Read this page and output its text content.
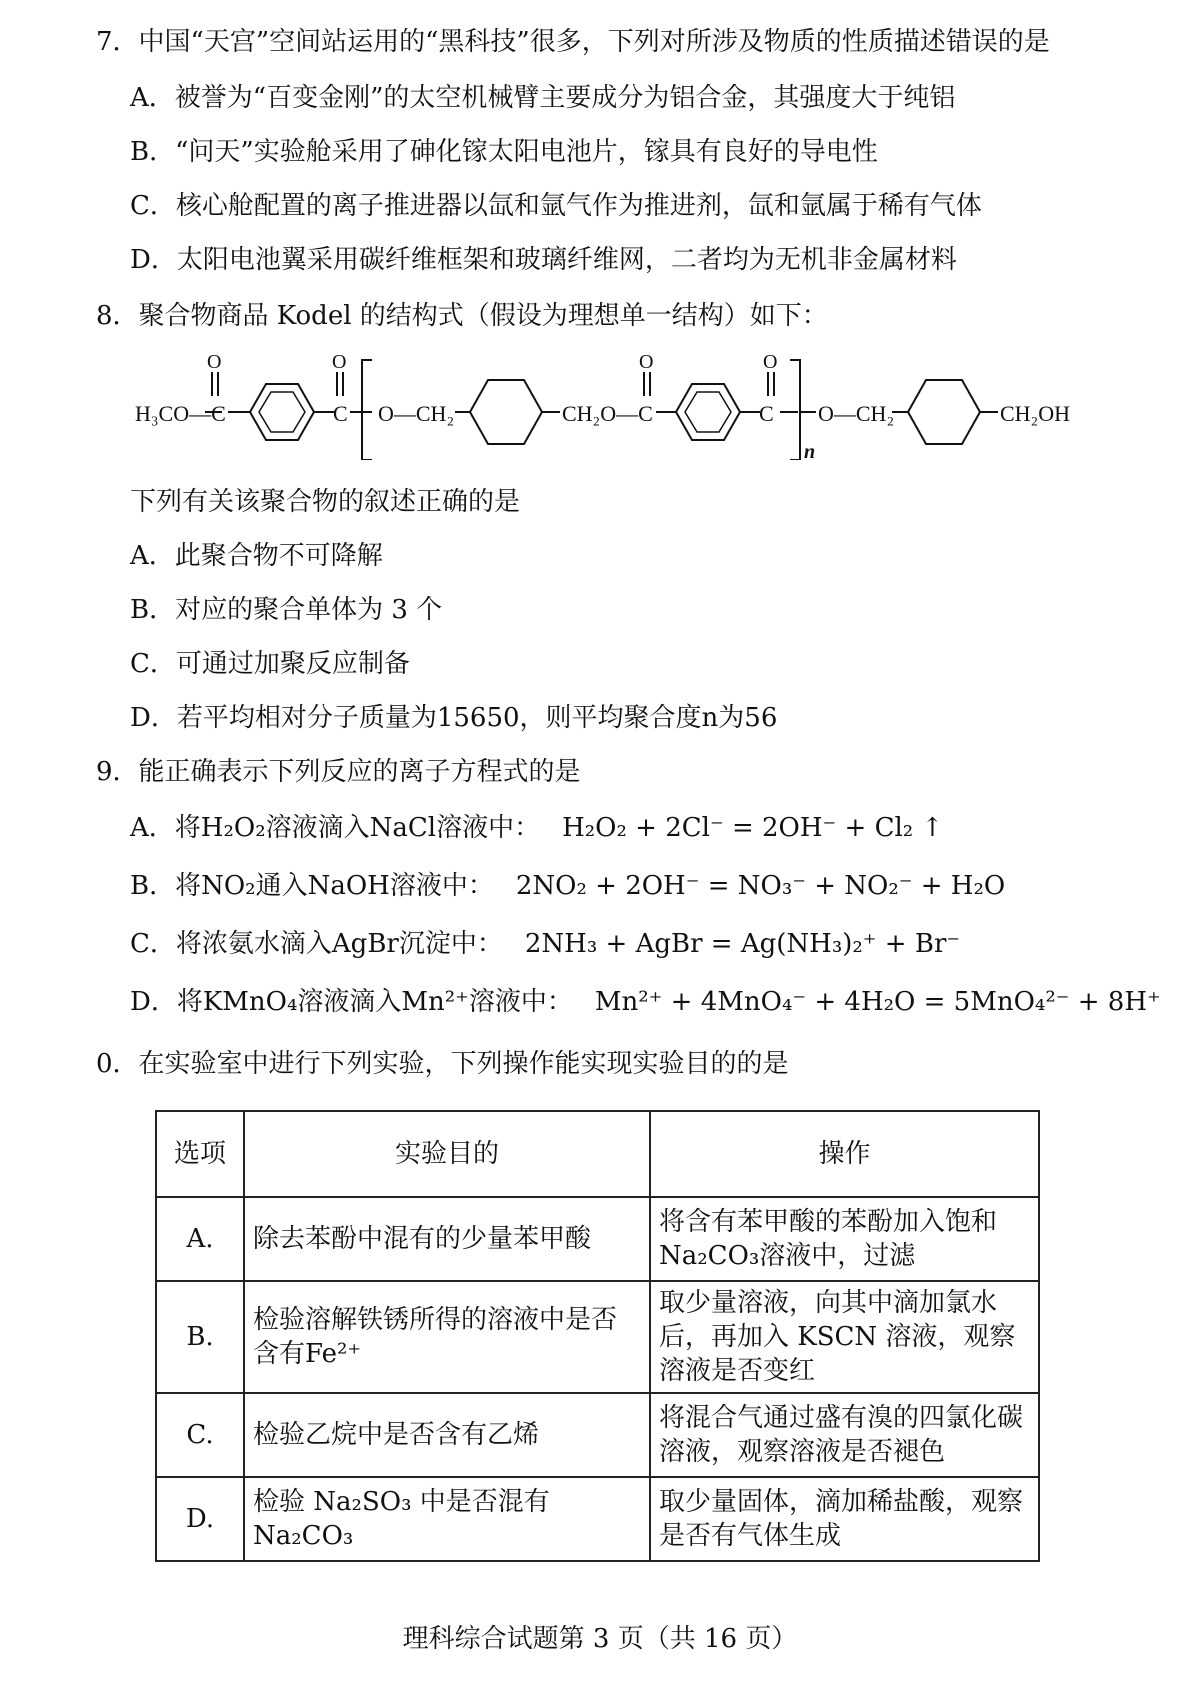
7．中国“天宫”空间站运用的“黑科技”很多，下列对所涉及物质的性质描述错误的是
A．被誉为“百变金刚”的太空机械臂主要成分为铝合金，其强度大于纯铝
B．“问天”实验舱采用了砷化镓太阳电池片，镓具有良好的导电性
C．核心舱配置的离子推进器以氙和氩气作为推进剂，氙和氩属于稀有气体
D．太阳电池翼采用碳纤维框架和玻璃纤维网，二者均为无机非金属材料
8．聚合物商品 Kodel 的结构式（假设为理想单一结构）如下：
H₃CO—C
O	O
C O—CH₂	CH₂O—C
O	O
C O—CH₂	CH₂OH
n
下列有关该聚合物的叙述正确的是
A．此聚合物不可降解
B．对应的聚合单体为 3 个
C．可通过加聚反应制备
D．若平均相对分子质量为15650，则平均聚合度n为56
9．能正确表示下列反应的离子方程式的是
A．将H₂O₂溶液滴入NaCl溶液中： H₂O₂ + 2Cl⁻ = 2OH⁻ + Cl₂ ↑
B．将NO₂通入NaOH溶液中： 2NO₂ + 2OH⁻ = NO₃⁻ + NO₂⁻ + H₂O
C．将浓氨水滴入AgBr沉淀中： 2NH₃ + AgBr = Ag(NH₃)₂⁺ + Br⁻
D．将KMnO₄溶液滴入Mn²⁺溶液中： Mn²⁺ + 4MnO₄⁻ + 4H₂O = 5MnO₄²⁻ + 8H⁺
0．在实验室中进行下列实验，下列操作能实现实验目的的是
选项	实验目的	操作
A.	除去苯酚中混有的少量苯甲酸	将含有苯甲酸的苯酚加入饱和Na₂CO₃溶液中，过滤
B.	检验溶解铁锈所得的溶液中是否含有Fe²⁺	取少量溶液，向其中滴加氯水后，再加入 KSCN 溶液，观察溶液是否变红
C.	检验乙烷中是否含有乙烯	将混合气通过盛有溴的四氯化碳溶液，观察溶液是否褪色
D.	检验 Na₂SO₃ 中是否混有 Na₂CO₃	取少量固体，滴加稀盐酸，观察是否有气体生成
理科综合试题第 3 页（共 16 页）
